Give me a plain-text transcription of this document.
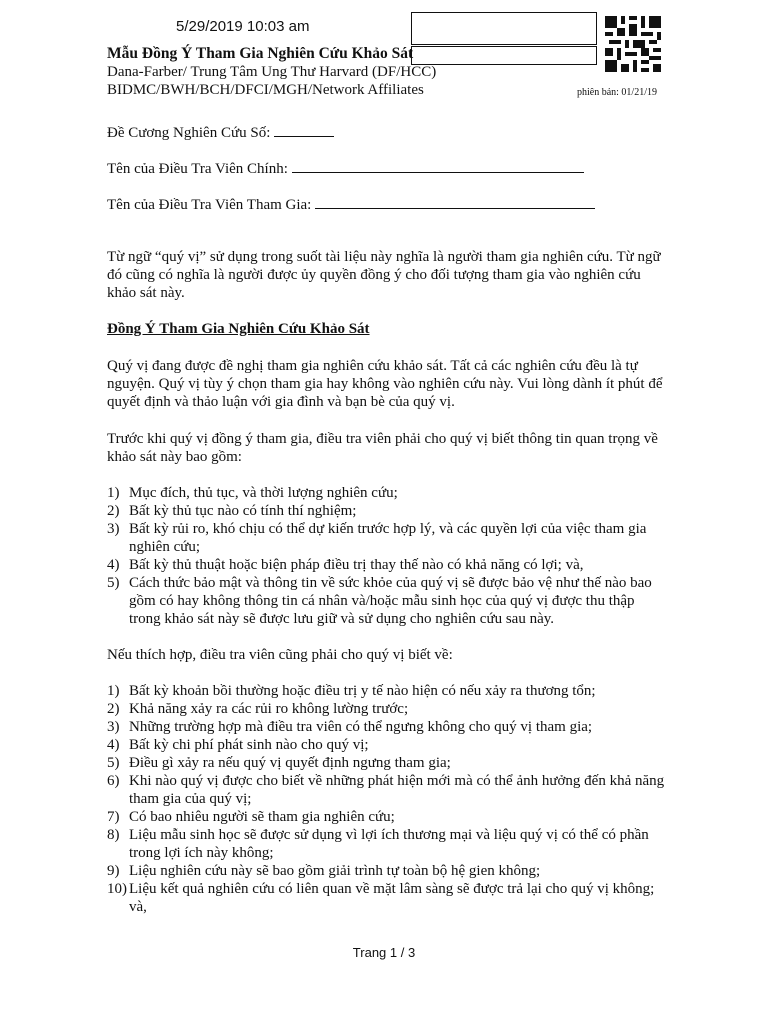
5/29/2019 10:03 am
Mẫu Đồng Ý Tham Gia Nghiên Cứu Khảo Sát
Dana-Farber/ Trung Tâm Ung Thư Harvard (DF/HCC)
BIDMC/BWH/BCH/DFCI/MGH/Network Affiliates	phiên bản: 01/21/19
Đề Cương Nghiên Cứu Số:
Tên của Điều Tra Viên Chính:
Tên của Điều Tra Viên Tham Gia:
Từ ngữ “quý vị” sử dụng trong suốt tài liệu này nghĩa là người tham gia nghiên cứu. Từ ngữ đó cũng có nghĩa là người được ủy quyền đồng ý cho đối tượng tham gia vào nghiên cứu khảo sát này.
Đồng Ý Tham Gia Nghiên Cứu Khảo Sát
Quý vị đang được đề nghị tham gia nghiên cứu khảo sát. Tất cả các nghiên cứu đều là tự nguyện. Quý vị tùy ý chọn tham gia hay không vào nghiên cứu này. Vui lòng dành ít phút để quyết định và thảo luận với gia đình và bạn bè của quý vị.
Trước khi quý vị đồng ý tham gia, điều tra viên phải cho quý vị biết thông tin quan trọng về khảo sát này bao gồm:
1) Mục đích, thủ tục, và thời lượng nghiên cứu;
2) Bất kỳ thủ tục nào có tính thí nghiệm;
3) Bất kỳ rủi ro, khó chịu có thể dự kiến trước hợp lý, và các quyền lợi của việc tham gia nghiên cứu;
4) Bất kỳ thủ thuật hoặc biện pháp điều trị thay thế nào có khả năng có lợi; và,
5) Cách thức bảo mật và thông tin về sức khỏe của quý vị sẽ được bảo vệ như thế nào bao gồm có hay không thông tin cá nhân và/hoặc mẫu sinh học của quý vị được thu thập trong khảo sát này sẽ được lưu giữ và sử dụng cho nghiên cứu sau này.
Nếu thích hợp, điều tra viên cũng phải cho quý vị biết về:
1) Bất kỳ khoản bồi thường hoặc điều trị y tế nào hiện có nếu xảy ra thương tổn;
2) Khả năng xảy ra các rủi ro không lường trước;
3) Những trường hợp mà điều tra viên có thể ngưng không cho quý vị tham gia;
4) Bất kỳ chi phí phát sinh nào cho quý vị;
5) Điều gì xảy ra nếu quý vị quyết định ngưng tham gia;
6) Khi nào quý vị được cho biết về những phát hiện mới mà có thể ảnh hưởng đến khả năng tham gia của quý vị;
7) Có bao nhiêu người sẽ tham gia nghiên cứu;
8) Liệu mẫu sinh học sẽ được sử dụng vì lợi ích thương mại và liệu quý vị có thể có phần trong lợi ích này không;
9) Liệu nghiên cứu này sẽ bao gồm giải trình tự toàn bộ hệ gien không;
10) Liệu kết quả nghiên cứu có liên quan về mặt lâm sàng sẽ được trả lại cho quý vị không; và,
Trang 1 / 3
